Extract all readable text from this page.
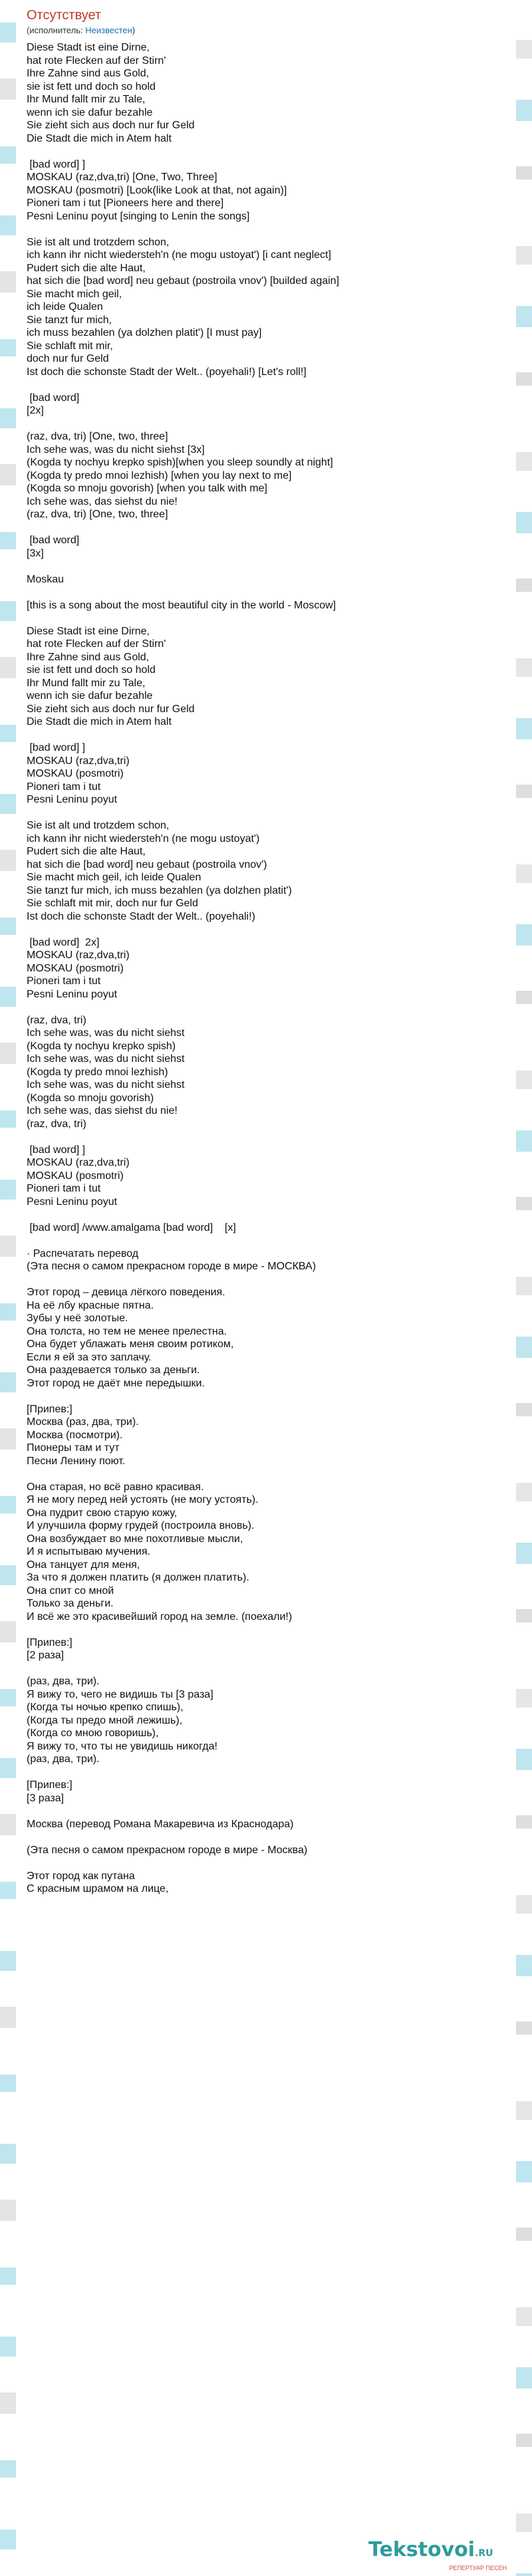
Отсутствует
(исполнитель: Неизвестен)
Diese Stadt ist eine Dirne,
hat rote Flecken auf der Stirn'
Ihre Zahne sind aus Gold,
sie ist fett und doch so hold
Ihr Mund fallt mir zu Tale,
wenn ich sie dafur bezahle
Sie zieht sich aus doch nur fur Geld
Die Stadt die mich in Atem halt
[bad word] ]
MOSKAU (raz,dva,tri) [One, Two, Three]
MOSKAU (posmotri) [Look(like Look at that, not again)]
Pioneri tam i tut [Pioneers here and there]
Pesni Leninu poyut [singing to Lenin the songs]
Sie ist alt und trotzdem schon,
ich kann ihr nicht wiedersteh'n (ne mogu ustoyat') [i cant neglect]
Pudert sich die alte Haut,
hat sich die [bad word] neu gebaut (postroila vnov') [builded again]
Sie macht mich geil,
ich leide Qualen
Sie tanzt fur mich,
ich muss bezahlen (ya dolzhen platit') [I must pay]
Sie schlaft mit mir,
doch nur fur Geld
Ist doch die schonste Stadt der Welt.. (poyehali!) [Let's roll!]
[bad word]
[2x]
(raz, dva, tri) [One, two, three]
Ich sehe was, was du nicht siehst [3x]
(Kogda ty nochyu krepko spish)[when you sleep soundly at night]
(Kogda ty predo mnoi lezhish) [when you lay next to me]
(Kogda so mnoju govorish) [when you talk with me]
Ich sehe was, das siehst du nie!
(raz, dva, tri) [One, two, three]
[bad word]
[3x]
Moskau
[this is a song about the most beautiful city in the world - Moscow]
Diese Stadt ist eine Dirne,
hat rote Flecken auf der Stirn'
Ihre Zahne sind aus Gold,
sie ist fett und doch so hold
Ihr Mund fallt mir zu Tale,
wenn ich sie dafur bezahle
Sie zieht sich aus doch nur fur Geld
Die Stadt die mich in Atem halt
[bad word] ]
MOSKAU (raz,dva,tri)
MOSKAU (posmotri)
Pioneri tam i tut
Pesni Leninu poyut
Sie ist alt und trotzdem schon,
ich kann ihr nicht wiedersteh'n (ne mogu ustoyat')
Pudert sich die alte Haut,
hat sich die [bad word] neu gebaut (postroila vnov')
Sie macht mich geil, ich leide Qualen
Sie tanzt fur mich, ich muss bezahlen (ya dolzhen platit')
Sie schlaft mit mir, doch nur fur Geld
Ist doch die schonste Stadt der Welt.. (poyehali!)
[bad word]  2x]
MOSKAU (raz,dva,tri)
MOSKAU (posmotri)
Pioneri tam i tut
Pesni Leninu poyut
(raz, dva, tri)
Ich sehe was, was du nicht siehst
(Kogda ty nochyu krepko spish)
Ich sehe was, was du nicht siehst
(Kogda ty predo mnoi lezhish)
Ich sehe was, was du nicht siehst
(Kogda so mnoju govorish)
Ich sehe was, das siehst du nie!
(raz, dva, tri)
[bad word] ]
MOSKAU (raz,dva,tri)
MOSKAU (posmotri)
Pioneri tam i tut
Pesni Leninu poyut
[bad word] /www.amalgama [bad word]    [x]
· Распечатать перевод
(Эта песня о самом прекрасном городе в мире - МОСКВА)
Этот город – девица лёгкого поведения.
На её лбу красные пятна.
Зубы у неё золотые.
Она толста, но тем не менее прелестна.
Она будет ублажать меня своим ротиком,
Если я ей за это заплачу.
Она раздевается только за деньги.
Этот город не даёт мне передышки.
[Припев:]
Москва (раз, два, три).
Москва (посмотри).
Пионеры там и тут
Песни Ленину поют.
Она старая, но всё равно красивая.
Я не могу перед ней устоять (не могу устоять).
Она пудрит свою старую кожу,
И улучшила форму грудей (построила вновь).
Она возбуждает во мне похотливые мысли,
И я испытываю мучения.
Она танцует для меня,
За что я должен платить (я должен платить).
Она спит со мной
Только за деньги.
И всё же это красивейший город на земле. (поехали!)
[Припев:]
[2 раза]
(раз, два, три).
Я вижу то, чего не видишь ты [3 раза]
(Когда ты ночью крепко спишь),
(Когда ты предо мной лежишь),
(Когда со мною говоришь),
Я вижу то, что ты не увидишь никогда!
(раз, два, три).
[Припев:]
[3 раза]
Москва (перевод Романа Макаревича из Краснодара)
(Эта песня о самом прекрасном городе в мире - Москва)
Этот город как путана
С красным шрамом на лице,
Tekstovoi.RU
РЕПЕРТУАР ПЕСЕН
